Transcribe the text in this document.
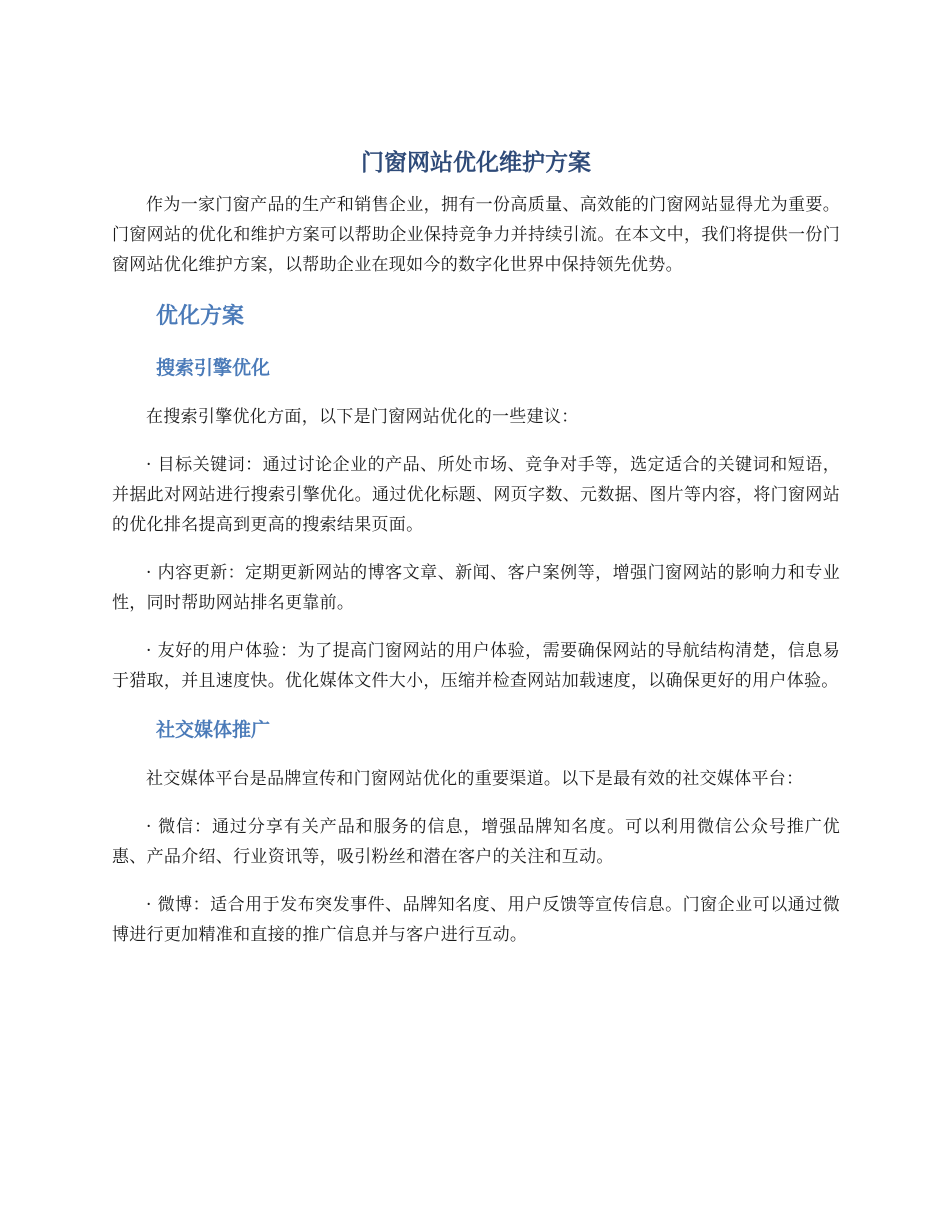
门窗网站优化维护方案

作为一家门窗产品的生产和销售企业，拥有一份高质量、高效能的门窗网站显得尤为重要。门窗网站的优化和维护方案可以帮助企业保持竞争力并持续引流。在本文中，我们将提供一份门窗网站优化维护方案，以帮助企业在现如今的数字化世界中保持领先优势。

优化方案
搜索引擎优化

在搜索引擎优化方面，以下是门窗网站优化的一些建议：

· 目标关键词：通过讨论企业的产品、所处市场、竞争对手等，选定适合的关键词和短语，并据此对网站进行搜索引擎优化。通过优化标题、网页字数、元数据、图片等内容，将门窗网站的优化排名提高到更高的搜索结果页面。

· 内容更新：定期更新网站的博客文章、新闻、客户案例等，增强门窗网站的影响力和专业性，同时帮助网站排名更靠前。

· 友好的用户体验：为了提高门窗网站的用户体验，需要确保网站的导航结构清楚，信息易于猎取，并且速度快。优化媒体文件大小，压缩并检查网站加载速度，以确保更好的用户体验。

社交媒体推广

社交媒体平台是品牌宣传和门窗网站优化的重要渠道。以下是最有效的社交媒体平台：

· 微信：通过分享有关产品和服务的信息，增强品牌知名度。可以利用微信公众号推广优惠、产品介绍、行业资讯等，吸引粉丝和潜在客户的关注和互动。

· 微博：适合用于发布突发事件、品牌知名度、用户反馈等宣传信息。门窗企业可以通过微博进行更加精准和直接的推广信息并与客户进行互动。
